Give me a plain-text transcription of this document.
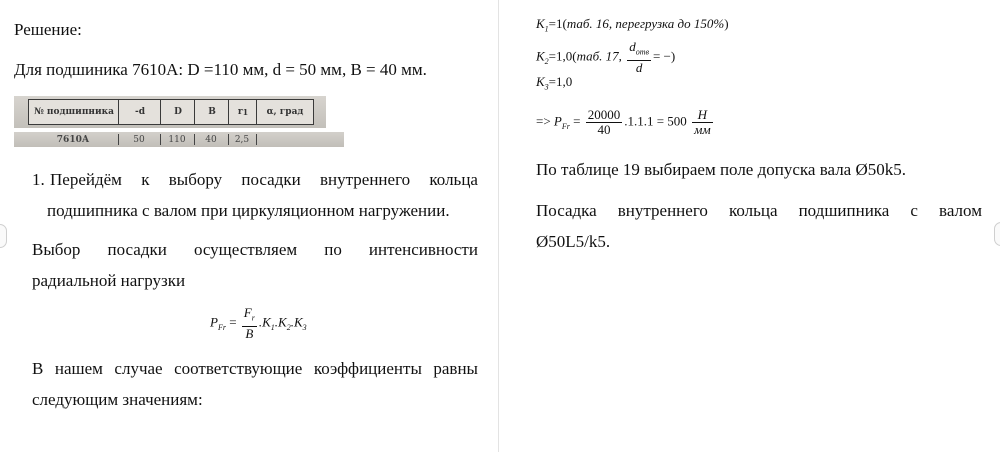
Решение:
Для подшиника 7610А: D =110 мм, d = 50 мм, B = 40 мм.
№ подшипника	-d	D	B	r 1	α, град
7610А	50	110	40	2,5
1. Перейдём к выбору посадки внутреннего кольца
подшипника с валом при циркуляционном нагружении.
Выбор посадки осуществляем по интенсивности
радиальной нагрузки
$P_{Fr} = \frac{F_r}{B} .K_1.K_2.K_3$
В нашем случае соответствующие коэффициенты равны
следующим значениям:
$K_1=1(таб$. 16, перегрузка до 150%)
$K_2=1,0(таб$. 17, $\frac{d_{отв}}{d}$ = −)
$K_3=1,0$
=> $P_{Fr} = \frac{20000}{40} .1.1.1 = 500 \frac{Н}{мм}$
По таблице 19 выбираем поле допуска вала Ø50k5.
Посадка внутреннего кольца подшипника с валом
Ø50L5/k5.
